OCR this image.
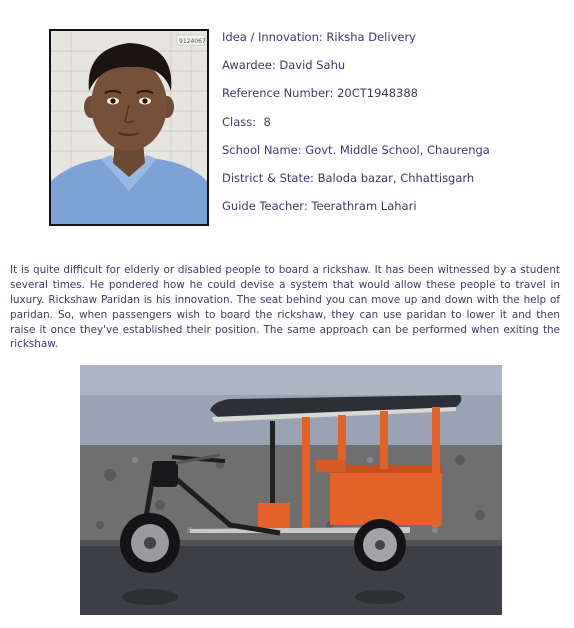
9124067 Idea / Innovation: Riksha Delivery
Awardee: David Sahu
Reference Number: 20CT1948388
Class:  8
School Name: Govt. Middle School, Chaurenga
District & State: Baloda bazar, Chhattisgarh
Guide Teacher: Teerathram Lahari

It is quite difficult for elderly or disabled people to board a rickshaw. It has been witnessed by a student several times. He pondered how he could devise a system that would allow these people to travel in luxury. Rickshaw Paridan is his innovation. The seat behind you can move up and down with the help of paridan. So, when passengers wish to board the rickshaw, they can use paridan to lower it and then raise it once they've established their position. The same approach can be performed when exiting the rickshaw.
